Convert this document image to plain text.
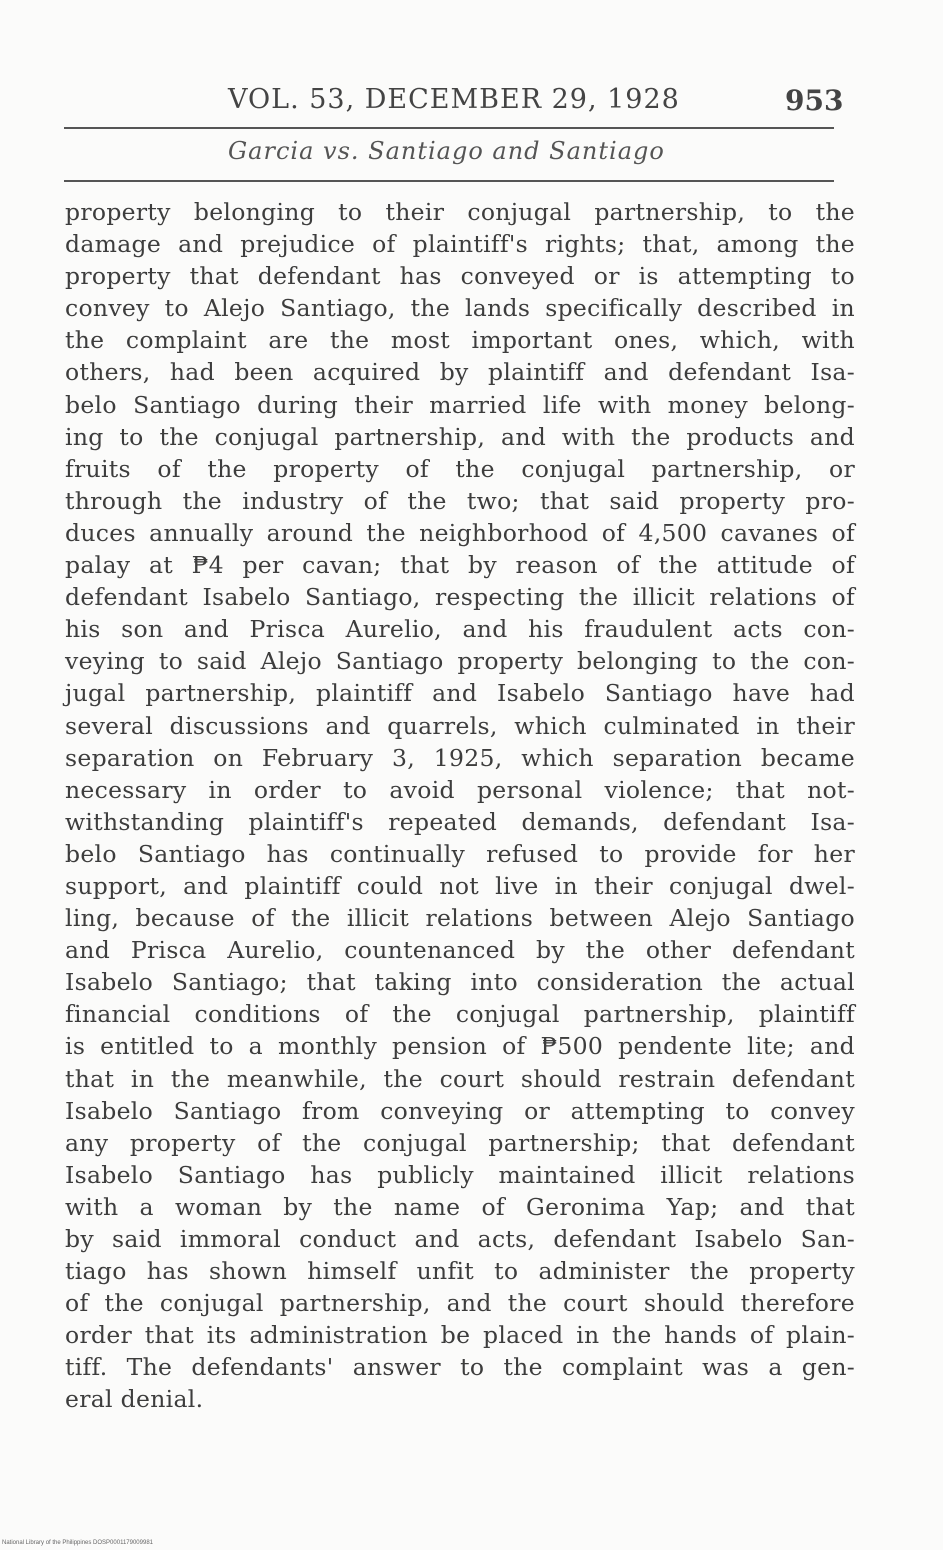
VOL. 53, DECEMBER 29, 1928	953
Garcia vs. Santiago and Santiago
property belonging to their conjugal partnership, to the
damage and prejudice of plaintiff's rights; that, among the
property that defendant has conveyed or is attempting to
convey to Alejo Santiago, the lands specifically described in
the complaint are the most important ones, which, with
others, had been acquired by plaintiff and defendant Isa-
belo Santiago during their married life with money belong-
ing to the conjugal partnership, and with the products and
fruits of the property of the conjugal partnership, or
through the industry of the two; that said property pro-
duces annually around the neighborhood of 4,500 cavanes of
palay at ₱4 per cavan; that by reason of the attitude of
defendant Isabelo Santiago, respecting the illicit relations of
his son and Prisca Aurelio, and his fraudulent acts con-
veying to said Alejo Santiago property belonging to the con-
jugal partnership, plaintiff and Isabelo Santiago have had
several discussions and quarrels, which culminated in their
separation on February 3, 1925, which separation became
necessary in order to avoid personal violence; that not-
withstanding plaintiff's repeated demands, defendant Isa-
belo Santiago has continually refused to provide for her
support, and plaintiff could not live in their conjugal dwel-
ling, because of the illicit relations between Alejo Santiago
and Prisca Aurelio, countenanced by the other defendant
Isabelo Santiago; that taking into consideration the actual
financial conditions of the conjugal partnership, plaintiff
is entitled to a monthly pension of ₱500 pendente lite; and
that in the meanwhile, the court should restrain defendant
Isabelo Santiago from conveying or attempting to convey
any property of the conjugal partnership; that defendant
Isabelo Santiago has publicly maintained illicit relations
with a woman by the name of Geronima Yap; and that
by said immoral conduct and acts, defendant Isabelo San-
tiago has shown himself unfit to administer the property
of the conjugal partnership, and the court should therefore
order that its administration be placed in the hands of plain-
tiff. The defendants' answer to the complaint was a gen-
eral denial.
National Library of the Philippines DOSP0001179009981
